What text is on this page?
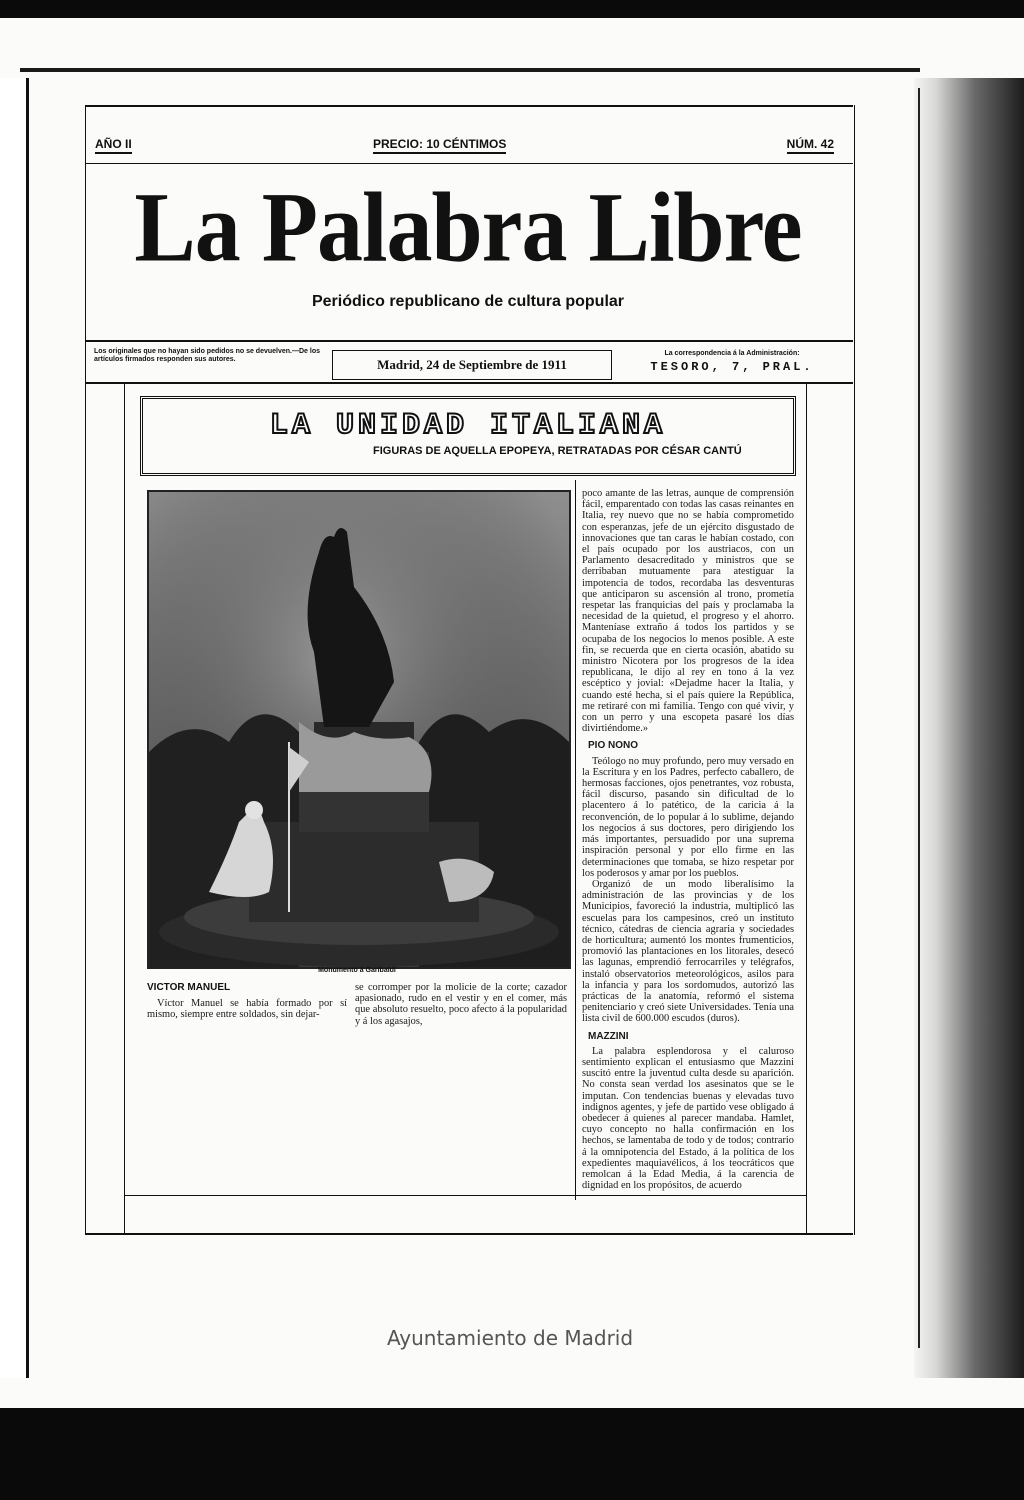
AÑO II	PRECIO: 10 CÉNTIMOS	NÚM. 42
La Palabra Libre
Periódico republicano de cultura popular
Los originales que no hayan sido pedidos no se devuelven.—De los artículos firmados responden sus autores.	Madrid, 24 de Septiembre de 1911
La correspondencia á la Administración:
TESORO, 7, PRAL.
LA UNIDAD ITALIANA
FIGURAS DE AQUELLA EPOPEYA, RETRATADAS POR CÉSAR CANTÚ
Monumento á Garibaldi
VICTOR MANUEL

Víctor Manuel se había formado por sí mismo, siempre entre soldados, sin dejar-

se corromper por la molicie de la corte; cazador apasionado, rudo en el vestir y en el comer, más que absoluto resuelto, poco afecto á la popularidad y á los agasajos,

poco amante de las letras, aunque de comprensión fácil, emparentado con todas las casas reinantes en Italia, rey nuevo que no se había comprometido con esperanzas, jefe de un ejército disgustado de innovaciones que tan caras le habían costado, con el país ocupado por los austriacos, con un Parlamento desacreditado y ministros que se derribaban mutuamente para atestiguar la impotencia de todos, recordaba las desventuras que anticiparon su ascensión al trono, prometía respetar las franquicias del país y proclamaba la necesidad de la quietud, el progreso y el ahorro. Manteníase extraño á todos los partidos y se ocupaba de los negocios lo menos posible. A este fin, se recuerda que en cierta ocasión, abatido su ministro Nicotera por los progresos de la idea republicana, le dijo al rey en tono á la vez escéptico y jovial: «Dejadme hacer la Italia, y cuando esté hecha, si el país quiere la República, me retiraré con mi familia. Tengo con qué vivir, y con un perro y una escopeta pasaré los días divirtiéndome.»

PIO NONO

Teólogo no muy profundo, pero muy versado en la Escritura y en los Padres, perfecto caballero, de hermosas facciones, ojos penetrantes, voz robusta, fácil discurso, pasando sin dificultad de lo placentero á lo patético, de la caricia á la reconvención, de lo popular á lo sublime, dejando los negocios á sus doctores, pero dirigiendo los más importantes, persuadido por una suprema inspiración personal y por ello firme en las determinaciones que tomaba, se hizo respetar por los poderosos y amar por los pueblos.

Organizó de un modo liberalísimo la administración de las provincias y de los Municipios, favoreció la industria, multiplicó las escuelas para los campesinos, creó un instituto técnico, cátedras de ciencia agraria y sociedades de horticultura; aumentó los montes frumenticios, promovió las plantaciones en los litorales, desecó las lagunas, emprendió ferrocarriles y telégrafos, instaló observatorios meteorológicos, asilos para la infancia y para los sordomudos, autorizó las prácticas de la anatomía, reformó el sistema penitenciario y creó siete Universidades. Tenía una lista civil de 600.000 escudos (duros).

MAZZINI

La palabra esplendorosa y el caluroso sentimiento explican el entusiasmo que Mazzini suscitó entre la juventud culta desde su aparición. No consta sean verdad los asesinatos que se le imputan. Con tendencias buenas y elevadas tuvo indignos agentes, y jefe de partido vese obligado á obedecer á quienes al parecer mandaba. Hamlet, cuyo concepto no halla confirmación en los hechos, se lamentaba de todo y de todos; contrario á la omnipotencia del Estado, á la política de los expedientes maquiavélicos, á los teocráticos que remolcan á la Edad Media, á la carencia de dignidad en los propósitos, de acuerdo

Ayuntamiento de Madrid
